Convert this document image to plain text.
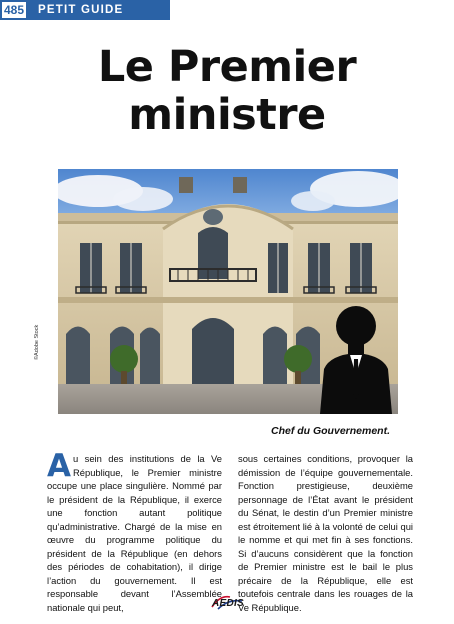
485	PETIT GUIDE
Le Premier
ministre
©Adobe Stock
Chef du Gouvernement.

A u sein des institutions de la Ve République, le Premier ministre occupe une place singulière. Nommé par le président de la République, il exerce une fonction autant politique qu’administrative. Chargé de la mise en œuvre du programme politique du président de la République (en dehors des périodes de cohabitation), il dirige l’action du gouvernement. Il est responsable devant l’Assemblée nationale qui peut,

sous certaines conditions, provoquer la démission de l’équipe gouvernementale. Fonction prestigieuse, deuxième personnage de l’État avant le président du Sénat, le destin d’un Premier ministre est étroitement lié à la volonté de celui qui le nomme et qui met fin à ses fonctions. Si d’aucuns considèrent que la fonction de Premier ministre est le bail le plus précaire de la République, elle est toutefois centrale dans les rouages de la Ve République.

AEDIS
